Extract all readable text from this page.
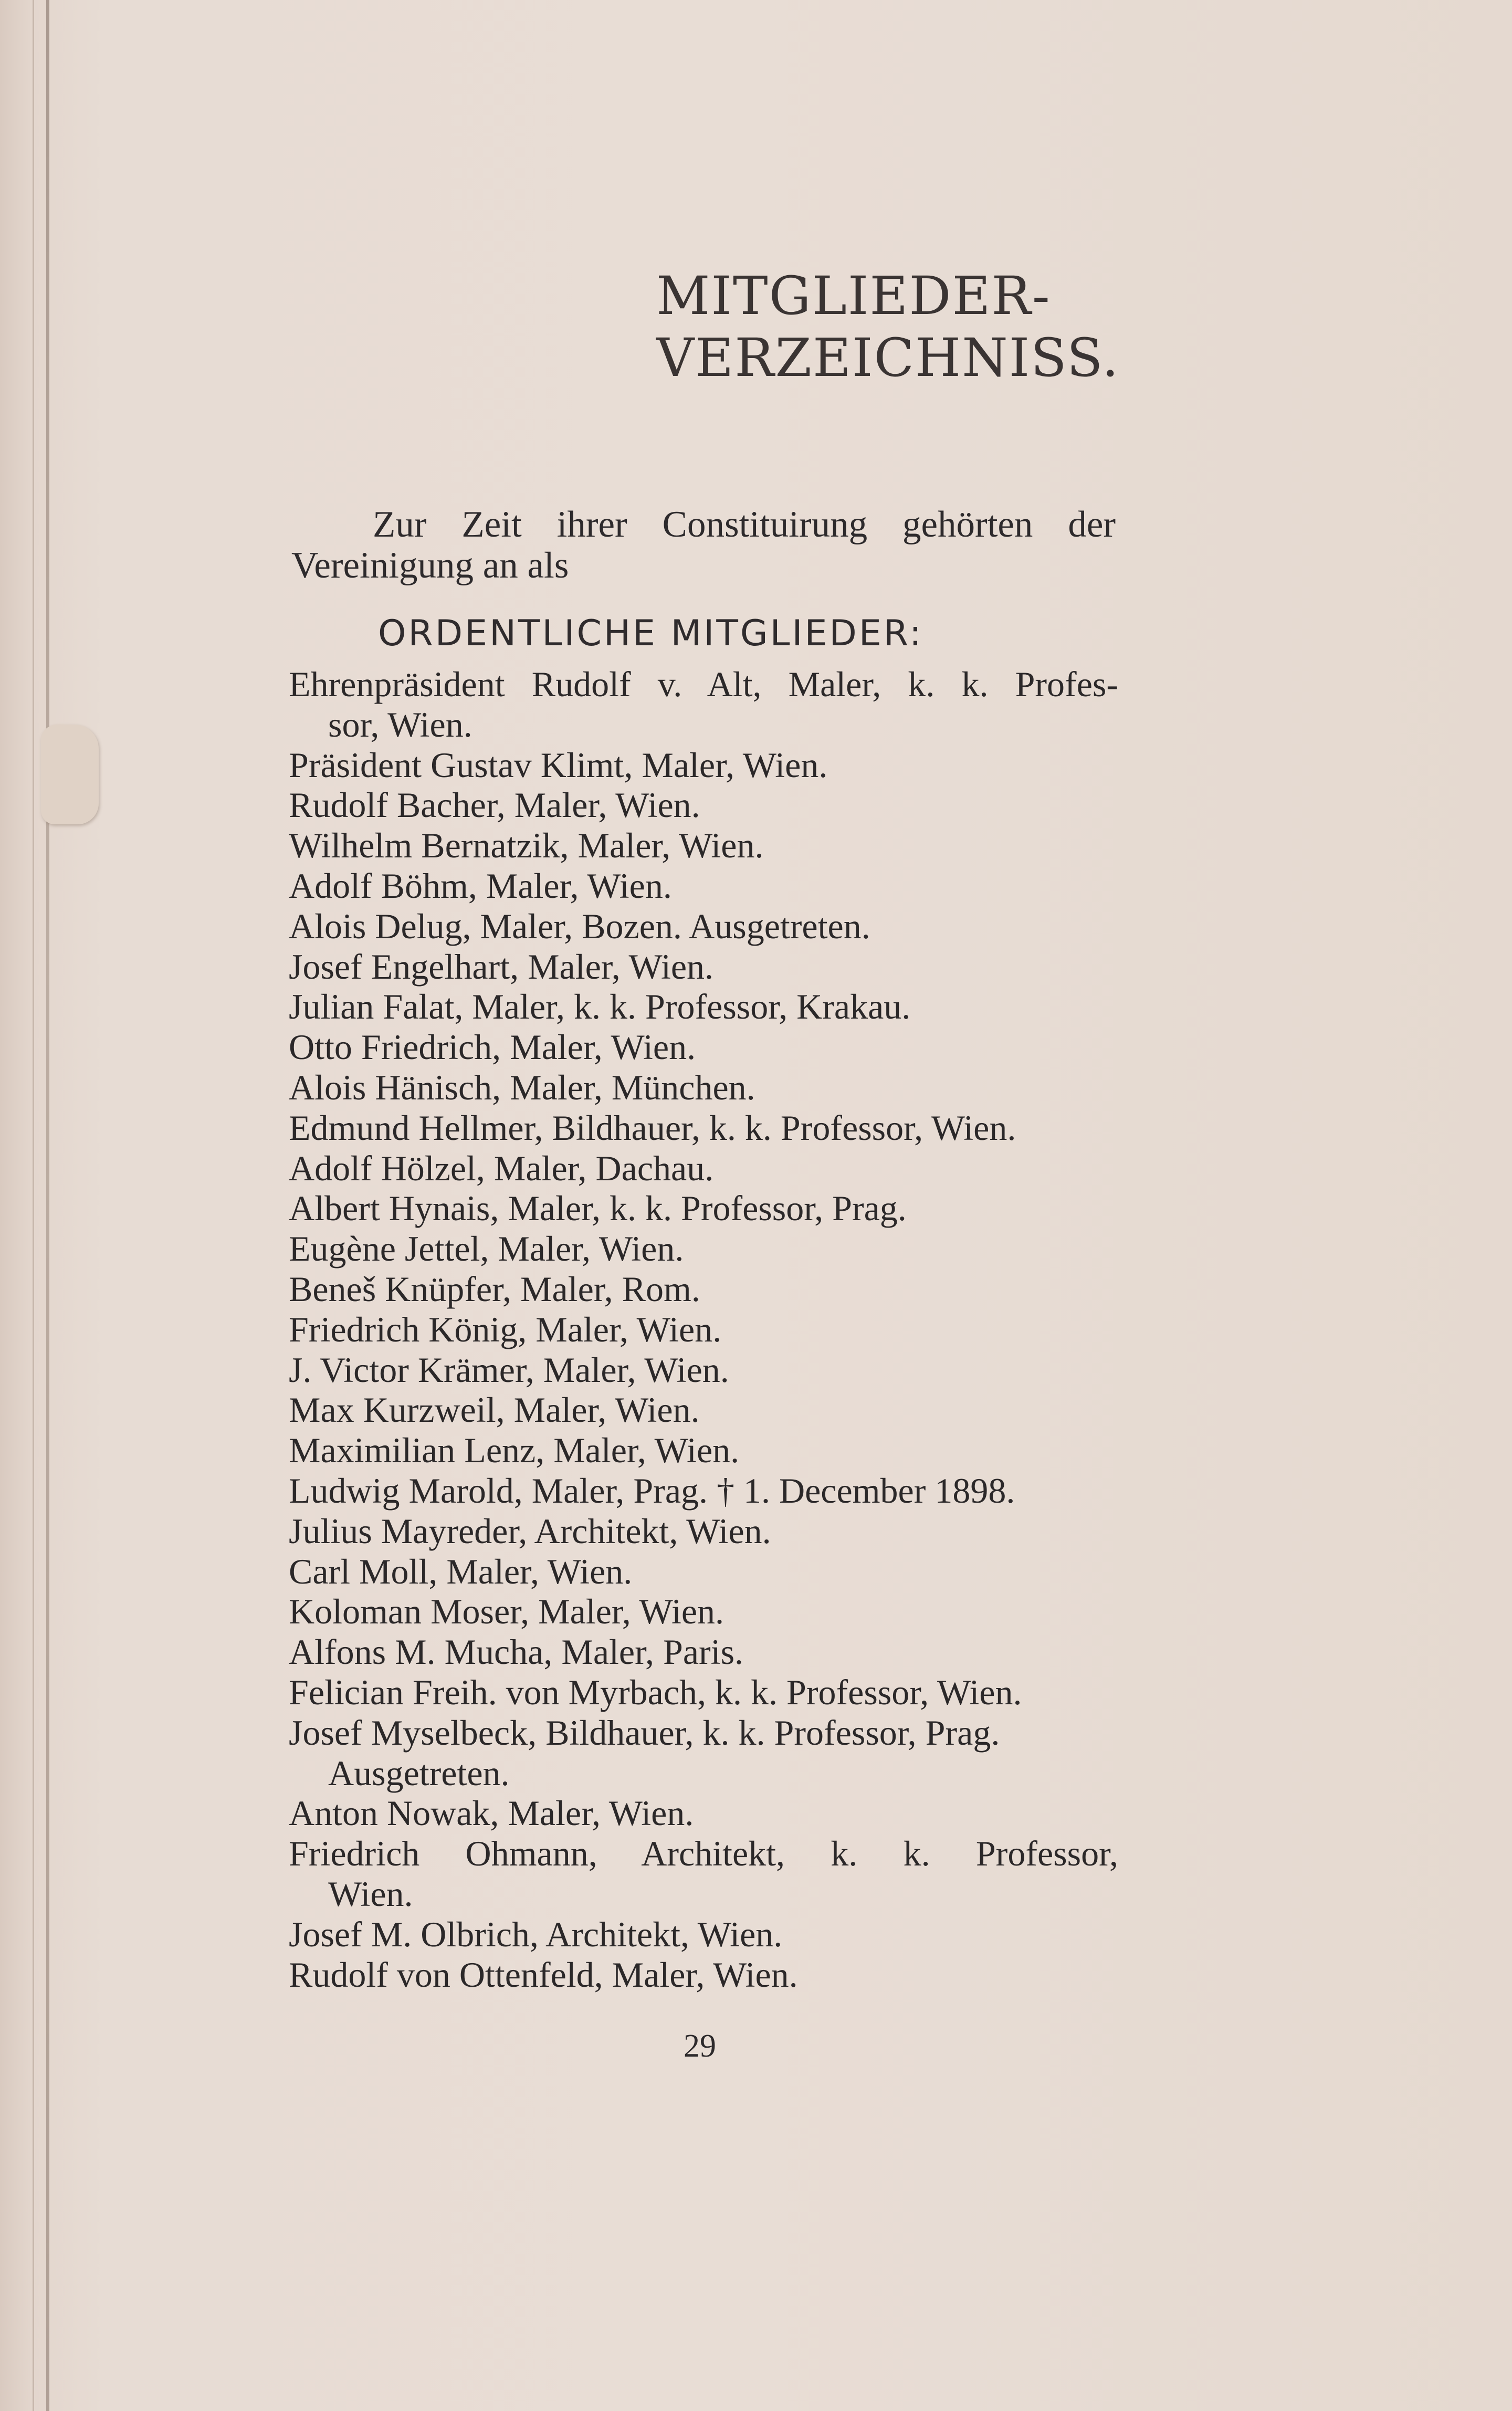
MITGLIEDER-
VERZEICHNISS.
Zur Zeit ihrer Constituirung gehörten der
Vereinigung an als
ORDENTLICHE MITGLIEDER:
Ehrenpräsident Rudolf v. Alt, Maler, k. k. Profes-
sor, Wien.
Präsident Gustav Klimt, Maler, Wien.
Rudolf Bacher, Maler, Wien.
Wilhelm Bernatzik, Maler, Wien.
Adolf Böhm, Maler, Wien.
Alois Delug, Maler, Bozen. Ausgetreten.
Josef Engelhart, Maler, Wien.
Julian Falat, Maler, k. k. Professor, Krakau.
Otto Friedrich, Maler, Wien.
Alois Hänisch, Maler, München.
Edmund Hellmer, Bildhauer, k. k. Professor, Wien.
Adolf Hölzel, Maler, Dachau.
Albert Hynais, Maler, k. k. Professor, Prag.
Eugène Jettel, Maler, Wien.
Beneš Knüpfer, Maler, Rom.
Friedrich König, Maler, Wien.
J. Victor Krämer, Maler, Wien.
Max Kurzweil, Maler, Wien.
Maximilian Lenz, Maler, Wien.
Ludwig Marold, Maler, Prag. † 1. December 1898.
Julius Mayreder, Architekt, Wien.
Carl Moll, Maler, Wien.
Koloman Moser, Maler, Wien.
Alfons M. Mucha, Maler, Paris.
Felician Freih. von Myrbach, k. k. Professor, Wien.
Josef Myselbeck, Bildhauer, k. k. Professor, Prag.
Ausgetreten.
Anton Nowak, Maler, Wien.
Friedrich Ohmann, Architekt, k. k. Professor,
Wien.
Josef M. Olbrich, Architekt, Wien.
Rudolf von Ottenfeld, Maler, Wien.
29
